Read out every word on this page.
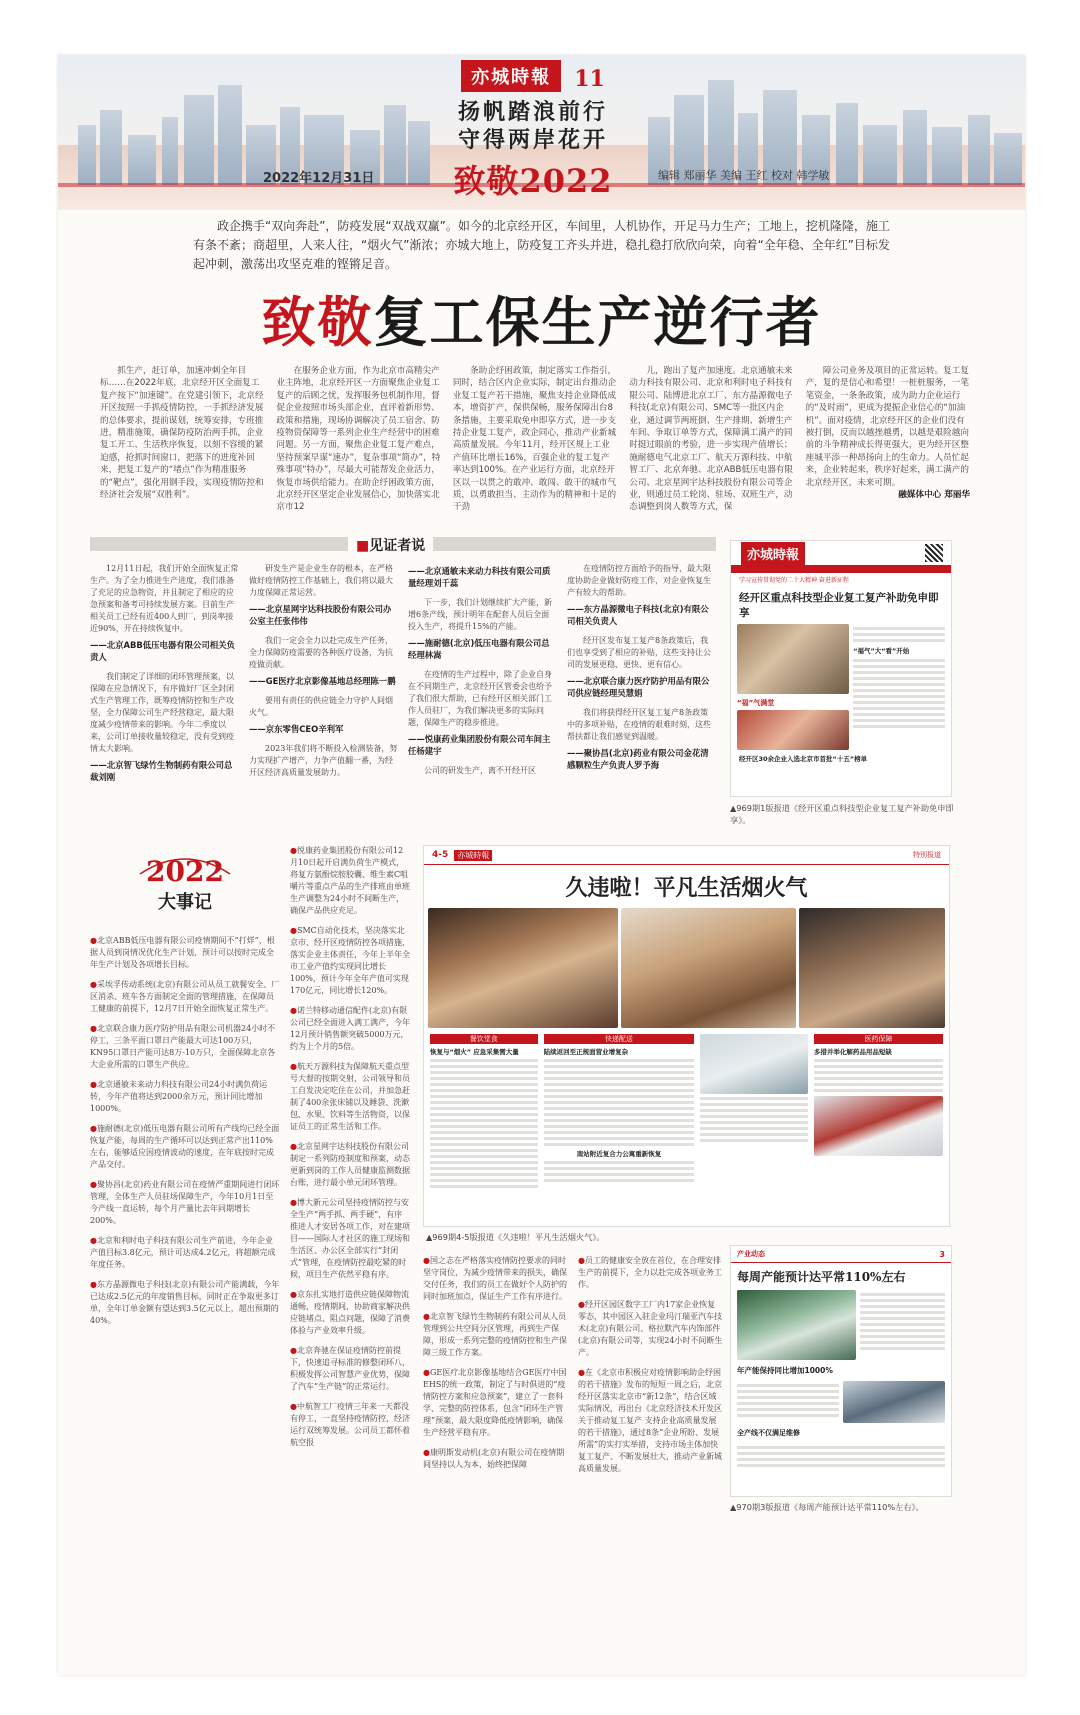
亦城時報 11
扬帆踏浪前行
守得两岸花开
致敬2022
2022年12月31日	编辑 郑丽华 美编 王红 校对 韩学敏
政企携手“双向奔赴”，防疫发展“双战双赢”。如今的北京经开区，车间里，人机协作，开足马力生产；工地上，挖机隆隆，施工有条不紊；商超里，人来人往，“烟火气”渐浓；亦城大地上，防疫复工齐头并进，稳扎稳打欣欣向荣，向着“全年稳、全年红”目标发起冲刺，激荡出攻坚克难的铿锵足音。
致敬复工保生产逆行者
抓生产，赶订单，加速冲刺全年目标……在2022年底，北京经开区全面复工复产按下“加速键”。在党建引领下，北京经开区按照一手抓疫情防控，一手抓经济发展的总体要求，提前谋划，统筹安排，专班推进，精准施策，确保防疫防治两手抓，企业复工开工、生活秩序恢复，以刻不容缓的紧迫感，抢抓时间窗口，把落下的进度补回来，把复工复产的“堵点”作为精准服务的“靶点”，强化用钢手段，实现疫情防控和经济社会发展“双胜利”。
在服务企业方面，作为北京市高精尖产业主阵地，北京经开区一方面聚焦企业复工复产的后顾之忧，发挥服务包机制作用，督促企业按照市场头部企业，直评着新形势、政策和措施，现场协调解决了员工宿舍、防疫物资保障等一系列企业生产经营中的困难问题。另一方面，聚焦企业复工复产难点，坚持预案早谋“速办”，复杂事项“简办”，特殊事项“特办”，尽最大可能帮发企业活力，恢复市场供给能力。在助企纾困政策方面，北京经开区坚定企业发展信心，加快落实北京市12
条助企纾困政策，制定落实工作指引，同时，结合区内企业实际，制定出台推动企业复工复产若干措施，聚焦支持企业降低成本，增资扩产，保供保畅，服务保障出台8条措施，主要采取免申即享方式，进一步支持企业复工复产，政企同心，推动产业新城高质量发展。今年11月，经开区规上工业产值环比增长16%，百强企业的复工复产率达到100%。在产业运行方面，北京经开区以一以贯之的敢冲、敢闯、敢干的城市气质，以勇敢担当、主动作为的精神和十足的干劲
儿，跑出了复产加速度。北京通敏未来动力科技有限公司、北京和利时电子科技有限公司、陆博进北京工厂、东方晶源微电子科技(北京)有限公司、SMC等一批区内企业，通过调节两班倒、生产排期、新增生产车间、争取订单等方式，保障满工满产的同时挺过眼前的考验，进一步实现产值增长；施耐德电气北京工厂、航天万源科技、中航智工厂、北京奔驰、北京ABB低压电器有限公司、北京星网宇达科技股份有限公司等企业，则通过员工轮岗、驻场、双班生产，动态调整到岗人数等方式，保
障公司业务及项目的正常运转。复工复产，复的是信心和希望！一桩桩服务，一笔笔资金，一条条政策，成为助力企业运行的“及时雨”，更成为提振企业信心的“加油机”。面对疫情，北京经开区的企业们没有被打倒，反而以越挫越勇，以越是艰险越向前的斗争精神成长得更强大，更为经开区整座城平添一种昂扬向上的生命力。人员忙起来，企业转起来，秩序好起来，满工满产的北京经开区，未来可期。
融媒体中心 郑丽华
■见证者说

12月11日起，我们开始全面恢复正常生产。为了全力推进生产进度，我们准备了充足的应急物资，并且制定了相应的应急预案和备考可持续发展方案。目前生产相关员工已经有近400人到厂，到岗率接近90%，开在持续恢复中。

——北京ABB低压电器有限公司相关负责人

我们制定了详细的闭环管理预案，以保障在应急情况下，有序做好厂区全封闭式生产管理工作，既筹疫情防控和生产攻坚，全力保障公司生产经营稳定，最大限度减少疫情带来的影响。今年二季度以来，公司订单接收量较稳定，没有受到疫情太大影响。

——北京智飞绿竹生物制药有限公司总裁刘刚

研发生产是企业生存的根本，在严格做好疫情防控工作基础上，我们将以最大力度保障正常运营。

——北京星网宇达科技股份有限公司办公室主任张伟伟

我们一定会全力以赴完成生产任务，全力保障防疫需要的各种医疗设备，为抗疫做贡献。

——GE医疗北京影像基地总经理陈一鹏

要用有责任的供应链全力守护人间烟火气。

——京东零售CEO辛利军

2023年我们将不断投入检测装备，努力实现扩产增产，力争产值翻一番，为经开区经济高质量发展助力。

——北京通敏未来动力科技有限公司质量经理刘千蕊

下一步，我们计划继续扩大产能，新增6条产线，预计明年在配套人员后全面投入生产，将提升15%的产能。

——施耐德(北京)低压电器有限公司总经理林嵩

在疫情的生产过程中，除了企业自身在不同期生产，北京经开区管委会也给予了我们很大帮助，已有经开区相关部门工作人员驻厂，为我们解决更多的实际问题，保障生产的稳步推进。

——悦康药业集团股份有限公司车间主任杨建宇

公司的研发生产，离不开经开区

在疫情防控方面给予的指导，最大限度协助企业做好防疫工作，对企业恢复生产有较大的帮助。

——东方晶源微电子科技(北京)有限公司相关负责人

经开区发布复工复产8条政策后，我们也享受到了相应的补贴，这些支持让公司的发展更稳、更快、更有信心。

——北京联合康力医疗防护用品有限公司供应链经理吴慧娟

我们将获得经开区复工复产8条政策中的多项补贴，在疫情的艰难时刻，这些帮扶都让我们感觉到温暖。

——聚协昌(北京)药业有限公司金花清感颗粒生产负责人罗予海

亦城時報
学习宣传贯彻党的二十大精神 奋进新征程
经开区重点科技型企业复工复产补助免申即享
“福”气满堂
“福气”大“看”开始
经开区30余企业入选北京市首批“十五”榜单
▲969期1版报道《经开区重点科技型企业复工复产补助免申即享》。
2022
大事记

●北京ABB低压电器有限公司疫情期间不“打烊”，根据人员到岗情况优化生产计划，预计可以按时完成全年生产计划及各项增长目标。

●采埃孚传动系统(北京)有限公司从员工就餐安全、厂区消杀、班车各方面制定全面的管理措施，在保障员工健康的前提下，12月7日开始全面恢复正常生产。

●北京联合康力医疗防护用品有限公司机器24小时不停工，三条平面口罩日产能最大可达100万只，KN95口罩日产能可达8万-10万只，全面保障北京各大企业所需的口罩生产供应。

●北京通敏未来动力科技有限公司24小时满负荷运转，今年产值将达到2000余万元，预计同比增加1000%。

●施耐德(北京)低压电器有限公司所有产线均已经全面恢复产能，每周的生产循环可以达到正常产出110%左右，能够适应因疫情波动的速度，在年底按时完成产品交付。

●聚协昌(北京)药业有限公司在疫情严重期间进行闭环管理，全体生产人员驻场保障生产，今年10月1日至今产线一直运转，每个月产量比去年同期增长200%。

●北京和利时电子科技有限公司生产前进，今年企业产值目标3.8亿元，预计可达成4.2亿元，将超额完成年度任务。

●东方晶源微电子科技(北京)有限公司产能满载，今年已达成2.5亿元的年度销售目标，同时正在争取更多订单，全年订单金额有望达到3.5亿元以上，超出预期的40%。

●悦康药业集团股份有限公司12月10日起开启满负荷生产模式，将复方氨酚烷胺胶囊、维生素C咀嚼片等重点产品的生产排班由单班生产调整为24小时不间断生产，确保产品供应充足。

●SMC自动化技术，坚决落实北京市、经开区疫情防控各项措施，落实企业主体责任，今年上半年全市工业产值约实现同比增长100%，预计今年全年产值可实现170亿元，同比增长120%。

●诺兰特移动通信配件(北京)有限公司已经全面进入满工满产，今年12月预计销售额突破5000万元，约为上个月的5倍。

●航天万源科技为保障航天重点型号大督的按期交射，公司领导和员工自发决定吃住在公司，并加急赶制了400余张床铺以及睡袋、洗漱包、水果、饮料等生活物资，以保证员工的正常生活和工作。

●北京星网宇达科技股份有限公司制定一系列防疫制度和预案，动态更新到岗的工作人员健康监测数据台账，进行最小单元闭环管理。

●博大新元公司坚持疫情防控与安全生产“两手抓、两手硬”，有序推进人才安居各项工作，对在建项目——国际人才社区的施工现场和生活区、办公区全部实行“封闭式”管理，在疫情防控最吃紧的时候，项目生产依然平稳有序。

●京东扎实地打造供应链保障物流通畅，疫情期间，协助商家解决供应链堵点、阻点问题，保障了消费体验与产业效率升级。

●北京奔驰在保证疫情防控前提下，快速追寻标准的修整闭环八，积极发挥公司智慧产业优势，保障了汽车“生产链”的正常运行。

●中航智工厂疫情三年来一天都没有停工，一直坚持疫情防控，经济运行双统筹发展。公司员工都怀着航空报

4-5	亦城時報	特别报道
久违啦！平凡生活烟火气
餐饮堂食
恢复与“烟火” 应急采集需大量
快递配送
陆续返回至正规面营业增复杂
南站附近复合力公寓重新恢复
医药保障
多措并举化解药品用品短缺
▲969期4-5版报道《久违啦！平凡生活烟火气》。

●国之志在严格落实疫情防控要求的同时坚守岗位，为减少疫情带来的损失，确保交付任务，我们的员工在做好个人防护的同时加班加点，保证生产工作有序进行。

●北京智飞绿竹生物制药有限公司从人员管理到公共空间分区管理，再到生产保障，形成一系列完整的疫情防控和生产保障三级工作方案。

●GE医疗北京影像基地结合GE医疗中国EHS的统一政策，制定了与时俱进的“疫情防控方案和应急预案”，建立了一套科学、完整的防控体系，包含“闭环生产管理”预案，最大限度降低疫情影响，确保生产经营平稳有序。

●康明斯发动机(北京)有限公司在疫情期间坚持以人为本，始终把保障

●员工的健康安全放在首位，在合理安排生产的前提下，全力以赴完成各项业务工作。

●经开区园区数字工厂内17家企业恢复零态，其中园区入驻企业玛汀瑞亚汽车技术(北京)有限公司、格拉默汽车内饰部件(北京)有限公司等，实现24小时不间断生产。

●在《北京市积极应对疫情影响助企纾困的若干措施》发布的短短一周之后，北京经开区落实北京市“新12条”，结合区域实际情况，再出台《北京经济技术开发区关于推动复工复产 支持企业高质量发展的若干措施》，通过8条“企业所盼、发展所需”的实打实举措，支持市场主体加快复工复产、不断发展壮大，推动产业新城高质量发展。

产业动态	3
每周产能预计达平常110%左右
年产能保持同比增加1000%
全产线不仅满足维修
▲970期3版报道《每周产能预计达平常110%左右》。
